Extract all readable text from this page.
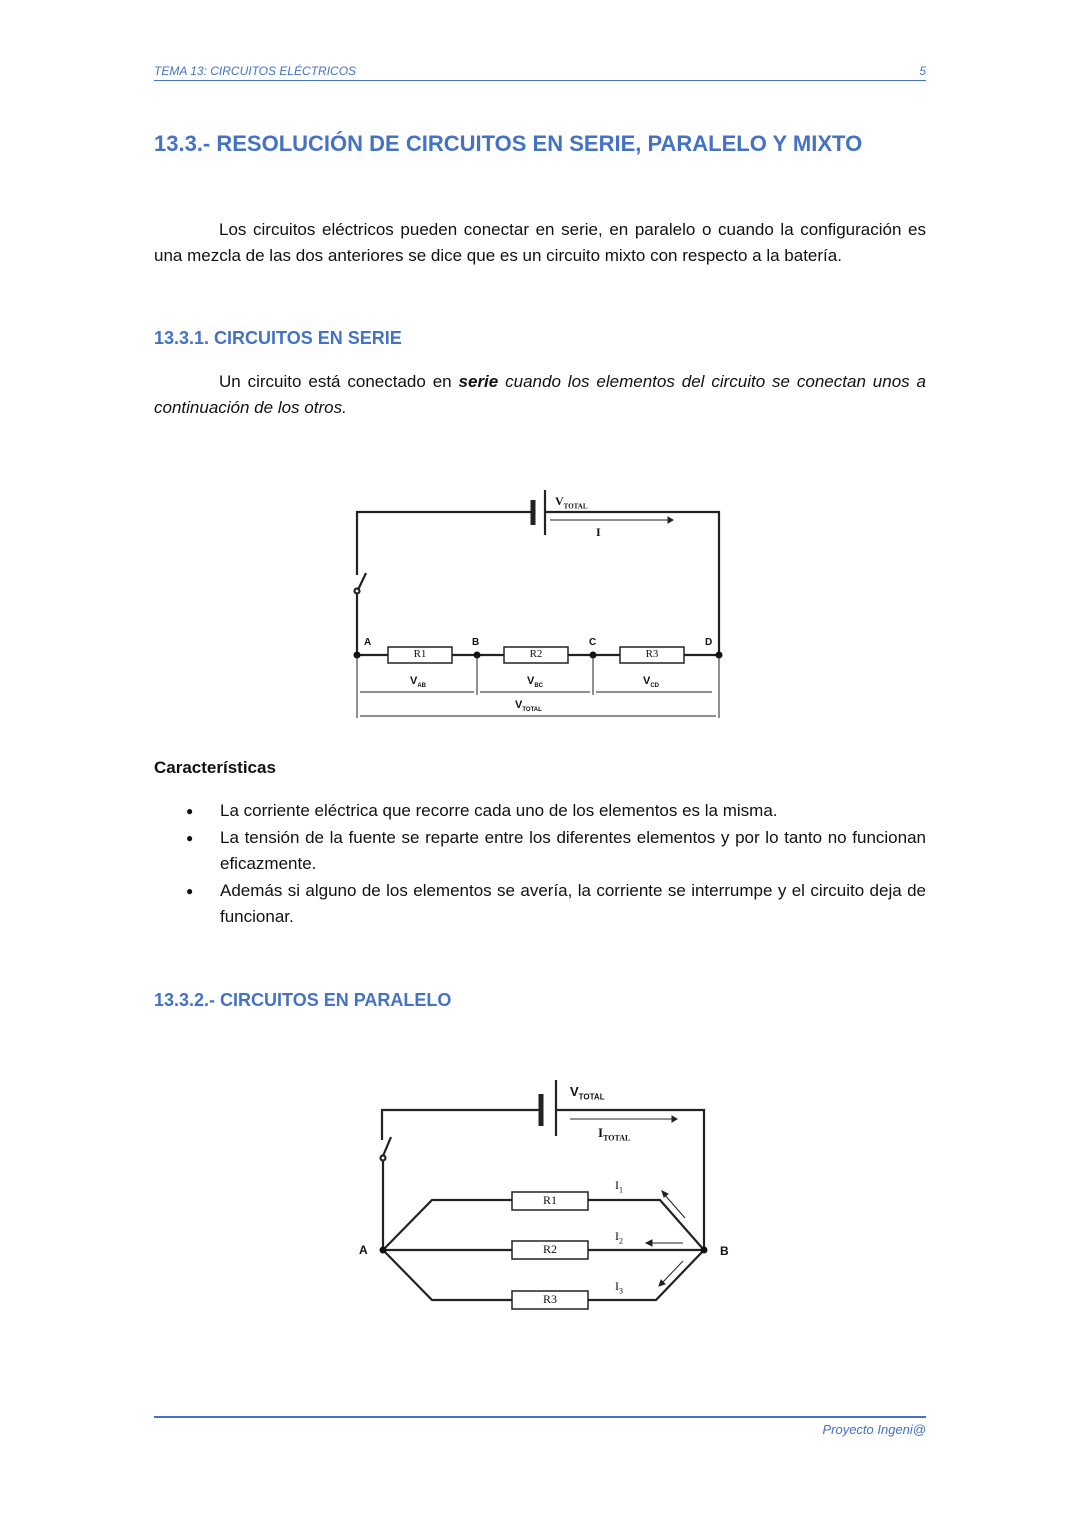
TEMA 13: CIRCUITOS ELÉCTRICOS	5
13.3.- RESOLUCIÓN DE CIRCUITOS EN SERIE, PARALELO Y MIXTO
Los circuitos eléctricos pueden conectar en serie, en paralelo o cuando la configuración es una mezcla de las dos anteriores se dice que es un circuito mixto con respecto a la batería.
13.3.1. CIRCUITOS EN SERIE
Un circuito está conectado en serie cuando los elementos del circuito se conectan unos a continuación de los otros.
$V_{TOTAL}$
I
A	B	C	D
R1	R2	R3
$V_{AB}$	$V_{BC}$	$V_{CD}$
$V_{TOTAL}$
Características
● La corriente eléctrica que recorre cada uno de los elementos es la misma.
● La tensión de la fuente se reparte entre los diferentes elementos y por lo tanto no funcionan eficazmente.
● Además si alguno de los elementos se avería, la corriente se interrumpe y el circuito deja de funcionar.
13.3.2.- CIRCUITOS EN PARALELO
$V_{TOTAL}$
$I_{TOTAL}$
A	B
R1
R2
R3
$I_1$
$I_2$
$I_3$
Proyecto Ingeni@
